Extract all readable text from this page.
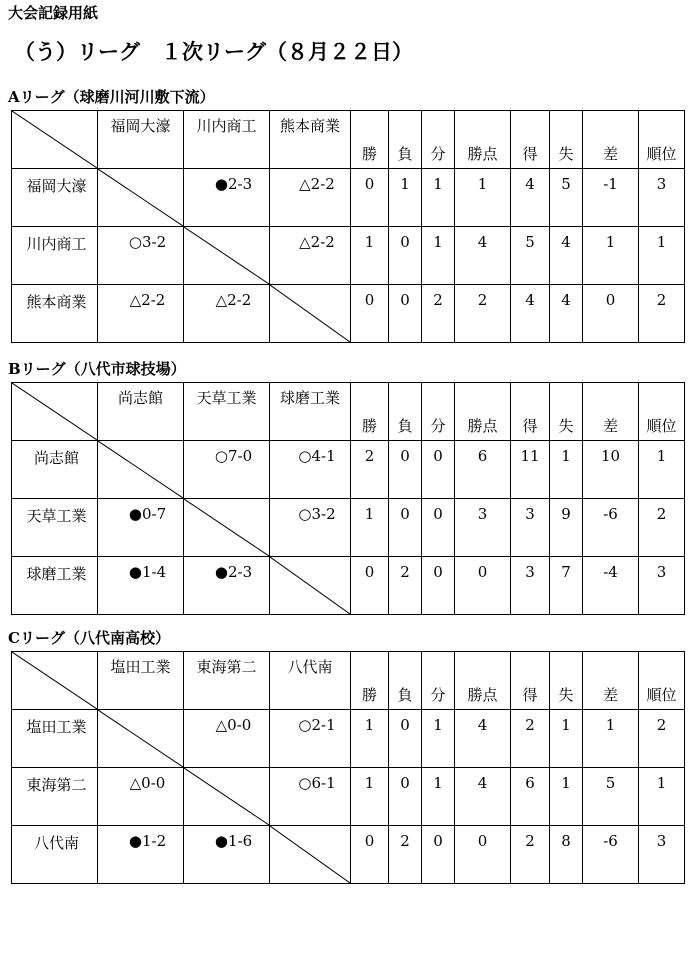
大会記録用紙
（う）リーグ　１次リーグ（８月２２日）
Aリーグ（球磨川河川敷下流）
	福岡大濠	川内商工	熊本商業	勝	負	分	勝点	得	失	差	順位
福岡大濠		●2-3	△2-2	0	1	1	1	4	5	-1	3
川内商工	○3-2		△2-2	1	0	1	4	5	4	1	1
熊本商業	△2-2	△2-2		0	0	2	2	4	4	0	2
Bリーグ（八代市球技場）
	尚志館	天草工業	球磨工業	勝	負	分	勝点	得	失	差	順位
尚志館		○7-0	○4-1	2	0	0	6	11	1	10	1
天草工業	●0-7		○3-2	1	0	0	3	3	9	-6	2
球磨工業	●1-4	●2-3		0	2	0	0	3	7	-4	3
Cリーグ（八代南高校）
	塩田工業	東海第二	八代南	勝	負	分	勝点	得	失	差	順位
塩田工業		△0-0	○2-1	1	0	1	4	2	1	1	2
東海第二	△0-0		○6-1	1	0	1	4	6	1	5	1
八代南	●1-2	●1-6		0	2	0	0	2	8	-6	3
